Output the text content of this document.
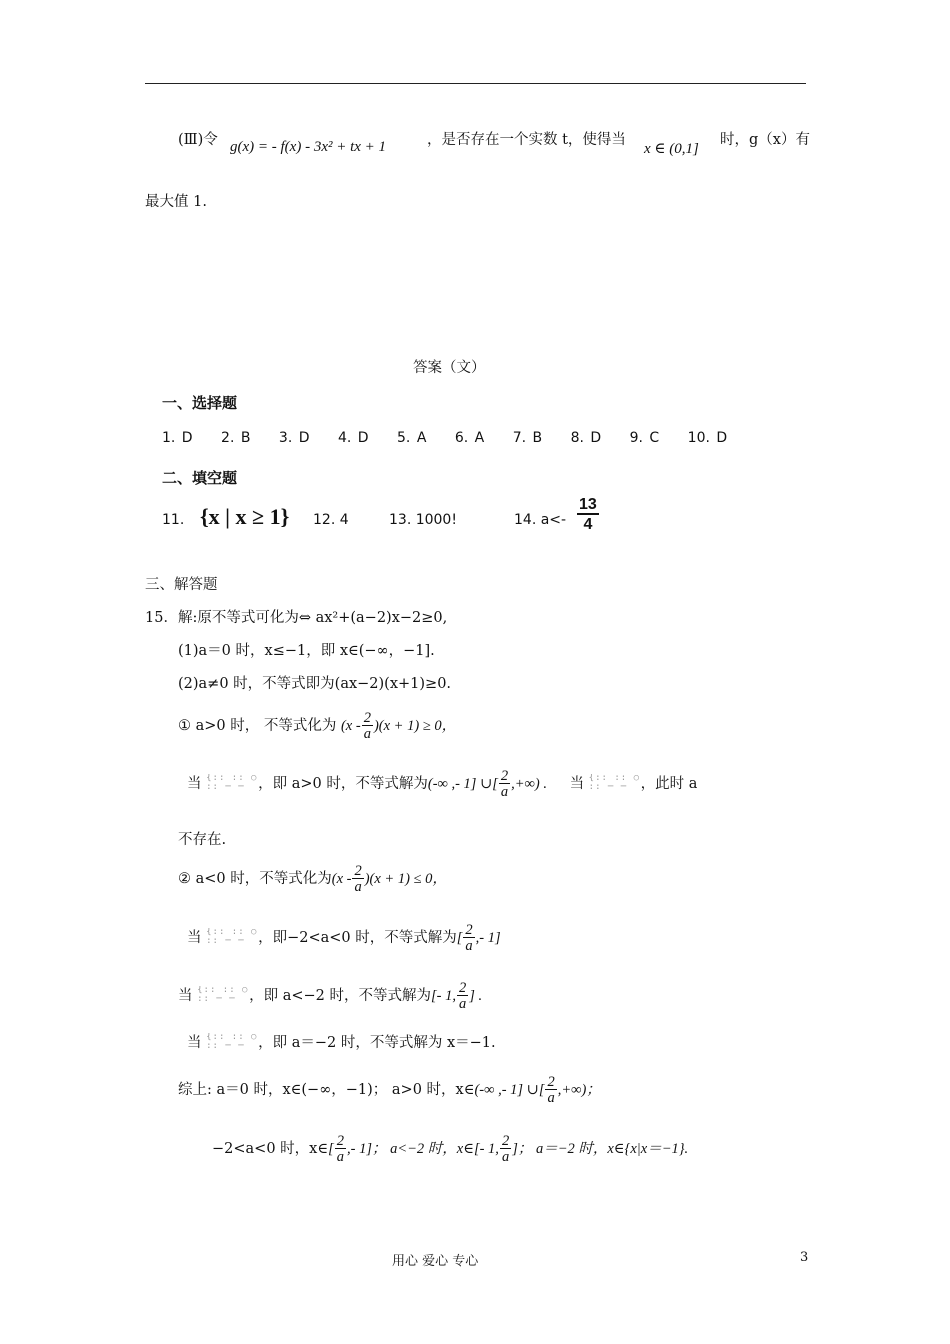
(Ⅲ)令 g(x) = - f(x) - 3x² + tx + 1	，是否存在一个实数 t，使得当
x ∈ (0,1]
时，g（x）有
最大值 1.
答案（文）
一、选择题
1. D 2. B 3. D 4. D 5. A 6. A 7. B 8. D 9. C 10. D
二、填空题
11. {x | x ≥ 1} 12. 4	13. 1000!	14. $a<- \frac{13}{4}$
三、解答题
15．解:原不等式可化为⇔ ax²+(a−2)x−2≥0,
(1)a＝0 时，x≤−1，即 x∈(−∞，−1].
(2)a≠0 时，不等式即为(ax−2)(x+1)≥0.
① a>0 时， 不等式化为 $(x - \frac{2}{a} )(x + 1) \ge 0$，
当 {:: :: ○
:: ─ ─ ，即 a>0 时，不等式解为(-∞ ,- 1] ∪[ $\frac{2}{a}$ ,+∞) . 当 {:: :: ○
:: ─ ─ ，此时 a
不存在.
② a<0 时，不等式化为$(x - \frac{2}{a} )(x + 1) \le 0$，
当 {:: :: ○
:: ─ ─ ，即−2<a<0 时，不等式解为[ $\frac{2}{a}$ ,- 1]
当 {:: :: ○
:: ─ ─ ，即 a<−2 时，不等式解为[- 1, $\frac{2}{a}$ ] .
当 {:: :: ○
:: ─ ─ ，即 a＝−2 时，不等式解为 x＝−1.
综上: a＝0 时，x∈(−∞，−1)； a>0 时，x∈(-∞ ,- 1] ∪[ $\frac{2}{a}$ ,+∞)；
−2<a<0 时，x∈[ $\frac{2}{a}$ ,- 1]； a<−2 时，x∈[- 1, $\frac{2}{a}$ ]； a＝−2 时，x∈{x|x＝−1}.
用心 爱心 专心	3
